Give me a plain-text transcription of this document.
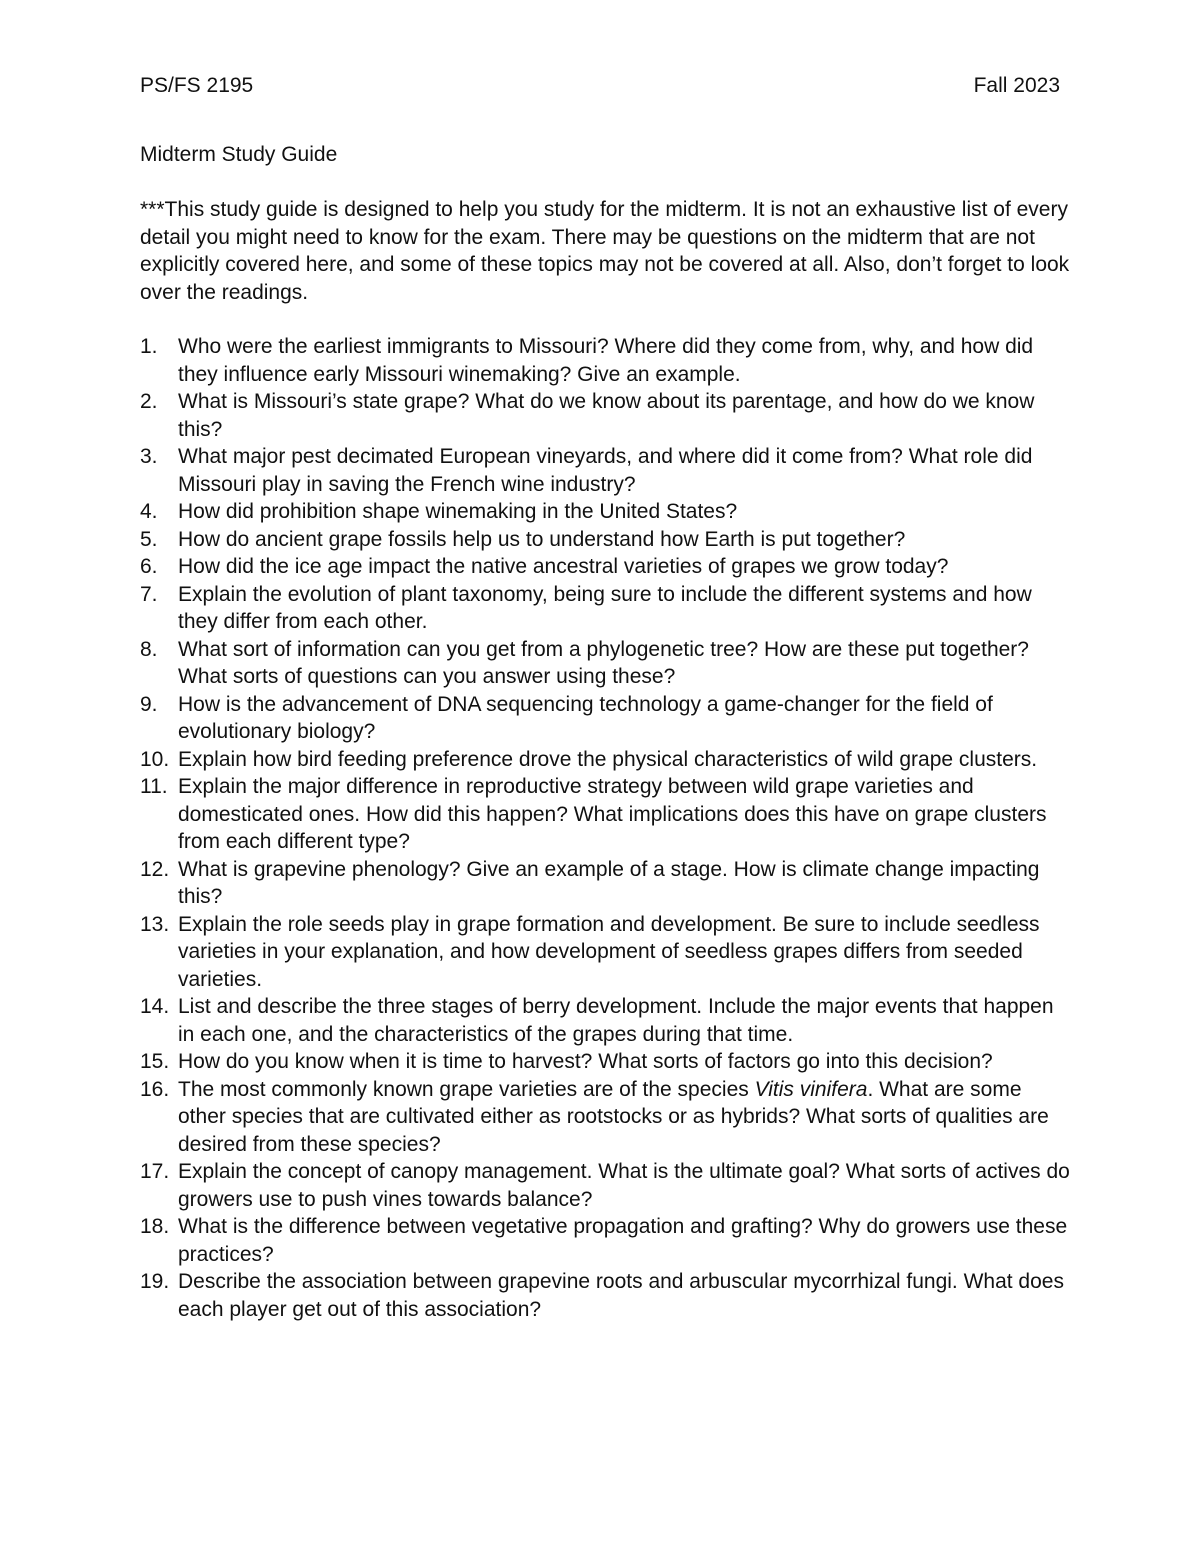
PS/FS 2195	Fall 2023
Midterm Study Guide
***This study guide is designed to help you study for the midterm. It is not an exhaustive list of every detail you might need to know for the exam. There may be questions on the midterm that are not explicitly covered here, and some of these topics may not be covered at all. Also, don’t forget to look over the readings.
1. Who were the earliest immigrants to Missouri? Where did they come from, why, and how did they influence early Missouri winemaking? Give an example.
2. What is Missouri’s state grape? What do we know about its parentage, and how do we know this?
3. What major pest decimated European vineyards, and where did it come from? What role did Missouri play in saving the French wine industry?
4. How did prohibition shape winemaking in the United States?
5. How do ancient grape fossils help us to understand how Earth is put together?
6. How did the ice age impact the native ancestral varieties of grapes we grow today?
7. Explain the evolution of plant taxonomy, being sure to include the different systems and how they differ from each other.
8. What sort of information can you get from a phylogenetic tree? How are these put together? What sorts of questions can you answer using these?
9. How is the advancement of DNA sequencing technology a game-changer for the field of evolutionary biology?
10. Explain how bird feeding preference drove the physical characteristics of wild grape clusters.
11. Explain the major difference in reproductive strategy between wild grape varieties and domesticated ones. How did this happen? What implications does this have on grape clusters from each different type?
12. What is grapevine phenology? Give an example of a stage. How is climate change impacting this?
13. Explain the role seeds play in grape formation and development. Be sure to include seedless varieties in your explanation, and how development of seedless grapes differs from seeded varieties.
14. List and describe the three stages of berry development. Include the major events that happen in each one, and the characteristics of the grapes during that time.
15. How do you know when it is time to harvest? What sorts of factors go into this decision?
16. The most commonly known grape varieties are of the species Vitis vinifera. What are some other species that are cultivated either as rootstocks or as hybrids? What sorts of qualities are desired from these species?
17. Explain the concept of canopy management. What is the ultimate goal? What sorts of actives do growers use to push vines towards balance?
18. What is the difference between vegetative propagation and grafting? Why do growers use these practices?
19. Describe the association between grapevine roots and arbuscular mycorrhizal fungi. What does each player get out of this association?
